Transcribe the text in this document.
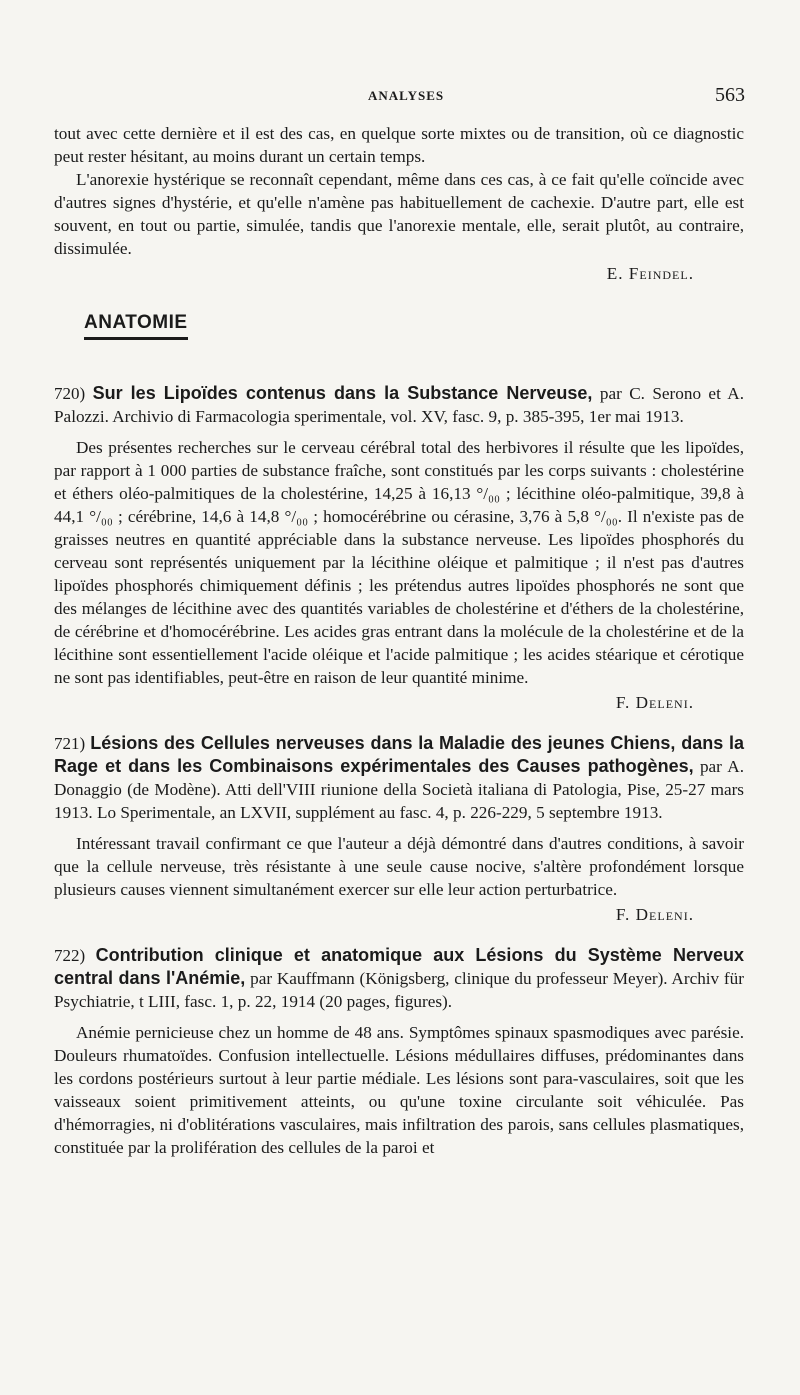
ANALYSES	563

tout avec cette dernière et il est des cas, en quelque sorte mixtes ou de transition, où ce diagnostic peut rester hésitant, au moins durant un certain temps.

L'anorexie hystérique se reconnaît cependant, même dans ces cas, à ce fait qu'elle coïncide avec d'autres signes d'hystérie, et qu'elle n'amène pas habituellement de cachexie. D'autre part, elle est souvent, en tout ou partie, simulée, tandis que l'anorexie mentale, elle, serait plutôt, au contraire, dissimulée.

E. Feindel.
ANATOMIE

720) Sur les Lipoïdes contenus dans la Substance Nerveuse, par C. Serono et A. Palozzi. Archivio di Farmacologia sperimentale, vol. XV, fasc. 9, p. 385-395, 1er mai 1913.

Des présentes recherches sur le cerveau cérébral total des herbivores il résulte que les lipoïdes, par rapport à 1 000 parties de substance fraîche, sont constitués par les corps suivants : cholestérine et éthers oléo-palmitiques de la cholestérine, 14,25 à 16,13 °/₀₀ ; lécithine oléo-palmitique, 39,8 à 44,1 °/₀₀ ; cérébrine, 14,6 à 14,8 °/₀₀ ; homocérébrine ou cérasine, 3,76 à 5,8 °/₀₀. Il n'existe pas de graisses neutres en quantité appréciable dans la substance nerveuse. Les lipoïdes phosphorés du cerveau sont représentés uniquement par la lécithine oléique et palmitique ; il n'est pas d'autres lipoïdes phosphorés chimiquement définis ; les prétendus autres lipoïdes phosphorés ne sont que des mélanges de lécithine avec des quantités variables de cholestérine et d'éthers de la cholestérine, de cérébrine et d'homocérébrine. Les acides gras entrant dans la molécule de la cholestérine et de la lécithine sont essentiellement l'acide oléique et l'acide palmitique ; les acides stéarique et cérotique ne sont pas identifiables, peut-être en raison de leur quantité minime.

F. Deleni.

721) Lésions des Cellules nerveuses dans la Maladie des jeunes Chiens, dans la Rage et dans les Combinaisons expérimentales des Causes pathogènes, par A. Donaggio (de Modène). Atti dell'VIII riunione della Società italiana di Patologia, Pise, 25-27 mars 1913. Lo Sperimentale, an LXVII, supplément au fasc. 4, p. 226-229, 5 septembre 1913.

Intéressant travail confirmant ce que l'auteur a déjà démontré dans d'autres conditions, à savoir que la cellule nerveuse, très résistante à une seule cause nocive, s'altère profondément lorsque plusieurs causes viennent simultanément exercer sur elle leur action perturbatrice.

F. Deleni.

722) Contribution clinique et anatomique aux Lésions du Système Nerveux central dans l'Anémie, par Kauffmann (Königsberg, clinique du professeur Meyer). Archiv für Psychiatrie, t LIII, fasc. 1, p. 22, 1914 (20 pages, figures).

Anémie pernicieuse chez un homme de 48 ans. Symptômes spinaux spasmodiques avec parésie. Douleurs rhumatoïdes. Confusion intellectuelle. Lésions médullaires diffuses, prédominantes dans les cordons postérieurs surtout à leur partie médiale. Les lésions sont para-vasculaires, soit que les vaisseaux soient primitivement atteints, ou qu'une toxine circulante soit véhiculée. Pas d'hémorragies, ni d'oblitérations vasculaires, mais infiltration des parois, sans cellules plasmatiques, constituée par la prolifération des cellules de la paroi et
